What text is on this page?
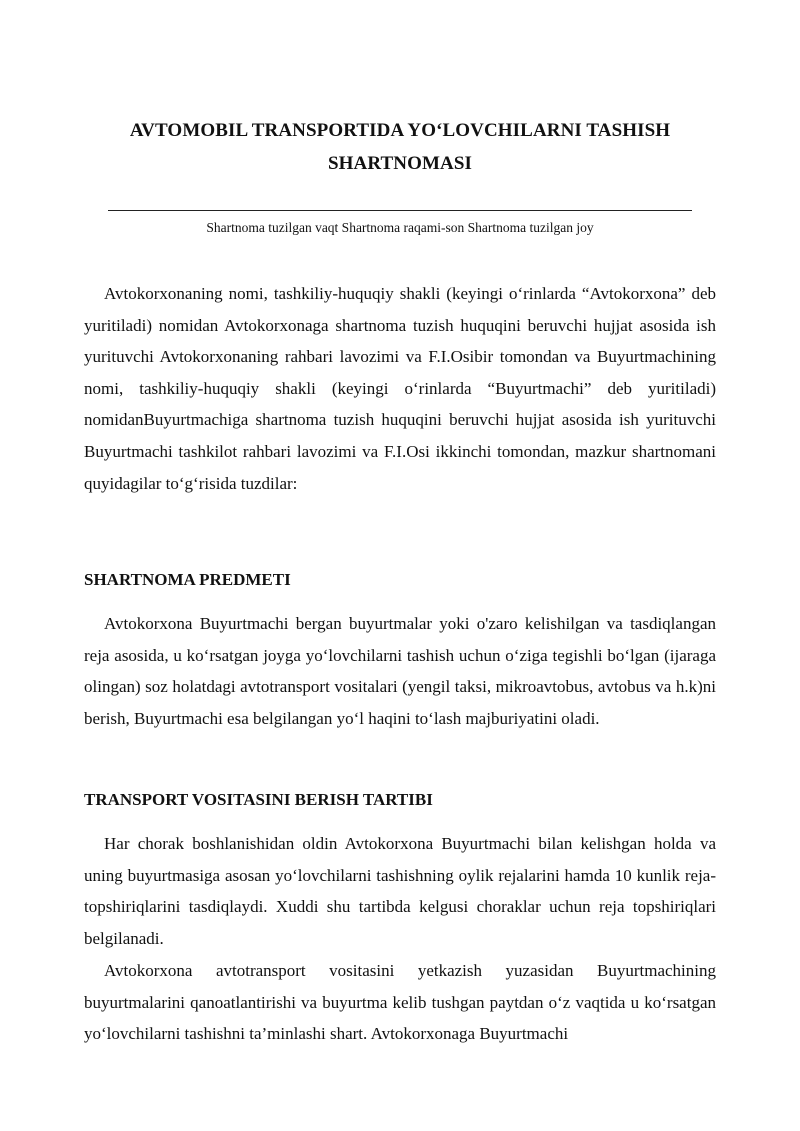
AVTOMOBIL TRANSPORTIDA YO‘LOVCHILARNI TASHISH SHARTNOMASI
Shartnoma tuzilgan vaqt Shartnoma raqami-son Shartnoma tuzilgan joy

Avtokorxonaning nomi, tashkiliy-huquqiy shakli (keyingi o‘rinlarda “Avtokorxona” deb yuritiladi) nomidan Avtokorxonaga shartnoma tuzish huquqini beruvchi hujjat asosida ish yurituvchi Avtokorxonaning rahbari lavozimi va F.I.Osibir tomondan va Buyurtmachining nomi, tashkiliy-huquqiy shakli (keyingi o‘rinlarda “Buyurtmachi” deb yuritiladi) nomidanBuyurtmachiga shartnoma tuzish huquqini beruvchi hujjat asosida ish yurituvchi Buyurtmachi tashkilot rahbari lavozimi va F.I.Osi ikkinchi tomondan, mazkur shartnomani quyidagilar to‘g‘risida tuzdilar:

SHARTNOMA PREDMETI

Avtokorxona Buyurtmachi bergan buyurtmalar yoki o'zaro kelishilgan va tasdiqlangan reja asosida, u ko‘rsatgan joyga yo‘lovchilarni tashish uchun o‘ziga tegishli bo‘lgan (ijaraga olingan) soz holatdagi avtotransport vositalari (yengil taksi, mikroavtobus, avtobus va h.k)ni berish, Buyurtmachi esa belgilangan yo‘l haqini to‘lash majburiyatini oladi.

TRANSPORT VOSITASINI BERISH TARTIBI

Har chorak boshlanishidan oldin Avtokorxona Buyurtmachi bilan kelishgan holda va uning buyurtmasiga asosan yo‘lovchilarni tashishning oylik rejalarini hamda 10 kunlik reja-topshiriqlarini tasdiqlaydi. Xuddi shu tartibda kelgusi choraklar uchun reja topshiriqlari belgilanadi.

Avtokorxona avtotransport vositasini yetkazish yuzasidan Buyurtmachining buyurtmalarini qanoatlantirishi va buyurtma kelib tushgan paytdan o‘z vaqtida u ko‘rsatgan yo‘lovchilarni tashishni ta’minlashi shart. Avtokorxonaga Buyurtmachi
